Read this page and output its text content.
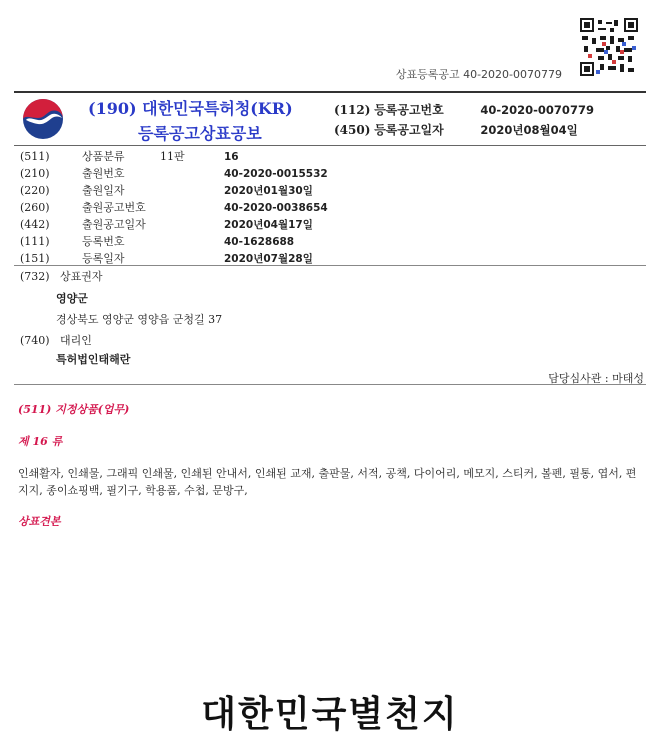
상표등록공고 40-2020-0070779
(190) 대한민국특허청(KR)
등록공고상표공보
(112) 등록공고번호	40-2020-0070779
(450) 등록공고일자	2020년08월04일
(511)	상품분류	11판	16
(210)	출원번호	40-2020-0015532
(220)	출원일자	2020년01월30일
(260)	출원공고번호	40-2020-0038654
(442)	출원공고일자	2020년04월17일
(111)	등록번호	40-1628688
(151)	등록일자	2020년07월28일
(732) 상표권자
영양군
경상북도 영양군 영양읍 군청길 37
(740) 대리인
특허법인태해란
담당심사관 : 마태성
(511) 지정상품(업무)
제 16 류
인쇄활자, 인쇄물, 그래픽 인쇄물, 인쇄된 안내서, 인쇄된 교재, 출판물, 서적, 공책, 다이어리, 메모지, 스티커, 볼펜, 필통, 엽서, 편지지, 종이쇼핑백, 필기구, 학용품, 수첩, 문방구,
상표견본
대한민국별천지
